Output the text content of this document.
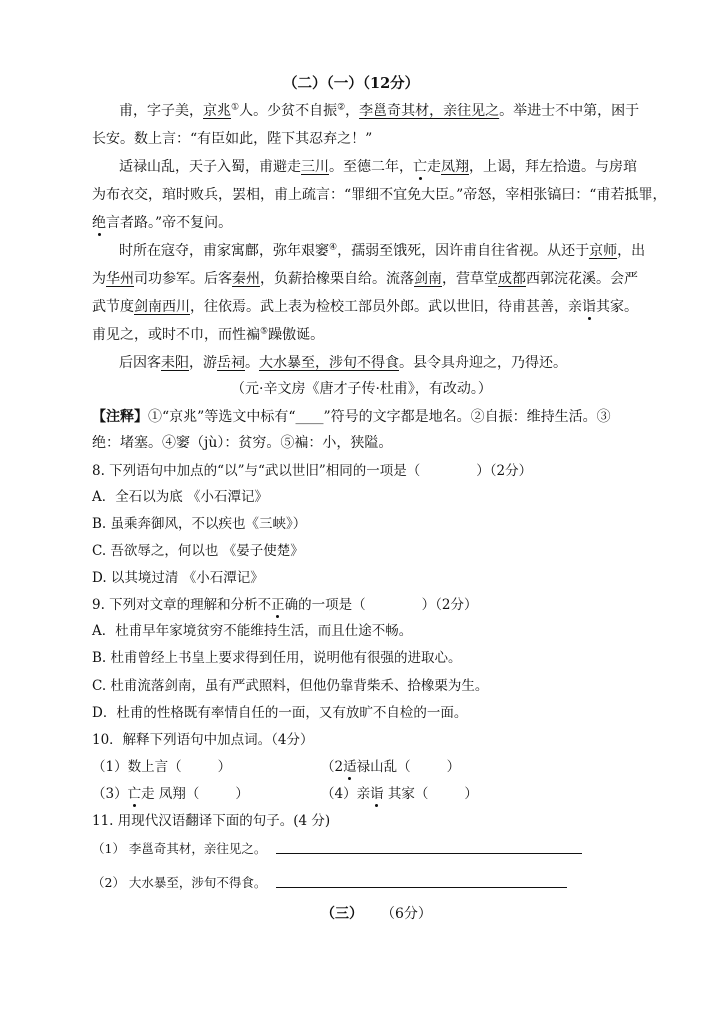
（二）（一）（12分）
甫，字子美，京兆①人。少贫不自振②，李邕奇其材，亲往见之。举进士不中第，困于
长安。数上言：“有臣如此，陛下其忍弃之！”
适禄山乱，天子入蜀，甫避走三川。至德二年，亡走凤翔，上谒，拜左拾遗。与房琯
为布衣交，琯时败兵，罢相，甫上疏言：“罪细不宜免大臣。”帝怒，宰相张镐曰：“甫若抵罪，
绝言者路。”帝不复问。
时所在寇夺，甫家寓鄜，弥年艰窭④，孺弱至饿死，因许甫自往省视。从还于京师，出
为华州司功参军。后客秦州，负薪拾橡栗自给。流落剑南，营草堂成都西郭浣花溪。会严
武节度剑南西川，往依焉。武上表为检校工部员外郎。武以世旧，待甫甚善，亲诣其家。
甫见之，或时不巾，而性褊⑤躁傲诞。
后因客耒阳，游岳祠。大水暴至，涉旬不得食。县令具舟迎之，乃得还。
（元·辛文房《唐才子传·杜甫》，有改动。）
【注释】①“京兆”等选文中标有“____”符号的文字都是地名。②自振：维持生活。③
绝：堵塞。④窭（jù）：贫穷。⑤褊：小，狭隘。
8. 下列语句中加点的“以”与“武以世旧”相同的一项是（	）（2分）
A．全石以为底 《小石潭记》
B. 虽乘奔御风，不以疾也《三峡》）
C. 吾欲辱之，何以也 《晏子使楚》
D. 以其境过清 《小石潭记》
9. 下列对文章的理解和分析不正确的一项是（	）（2分）
A．杜甫早年家境贫穷不能维持生活，而且仕途不畅。
B. 杜甫曾经上书皇上要求得到任用，说明他有很强的进取心。
C. 杜甫流落剑南，虽有严武照料，但他仍靠背柴禾、拾橡栗为生。
D．杜甫的性格既有率情自任的一面，又有放旷不自检的一面。
10．解释下列语句中加点词。（4分）
（1）数上言（	）	（2适禄山乱（	）
（3）亡走 凤翔（	）	（4）亲诣 其家（	）
11. 用现代汉语翻译下面的句子。(4 分)
（1） 李邕奇其材，亲往见之。
（2） 大水暴至，涉旬不得食。
（三） （6分）
